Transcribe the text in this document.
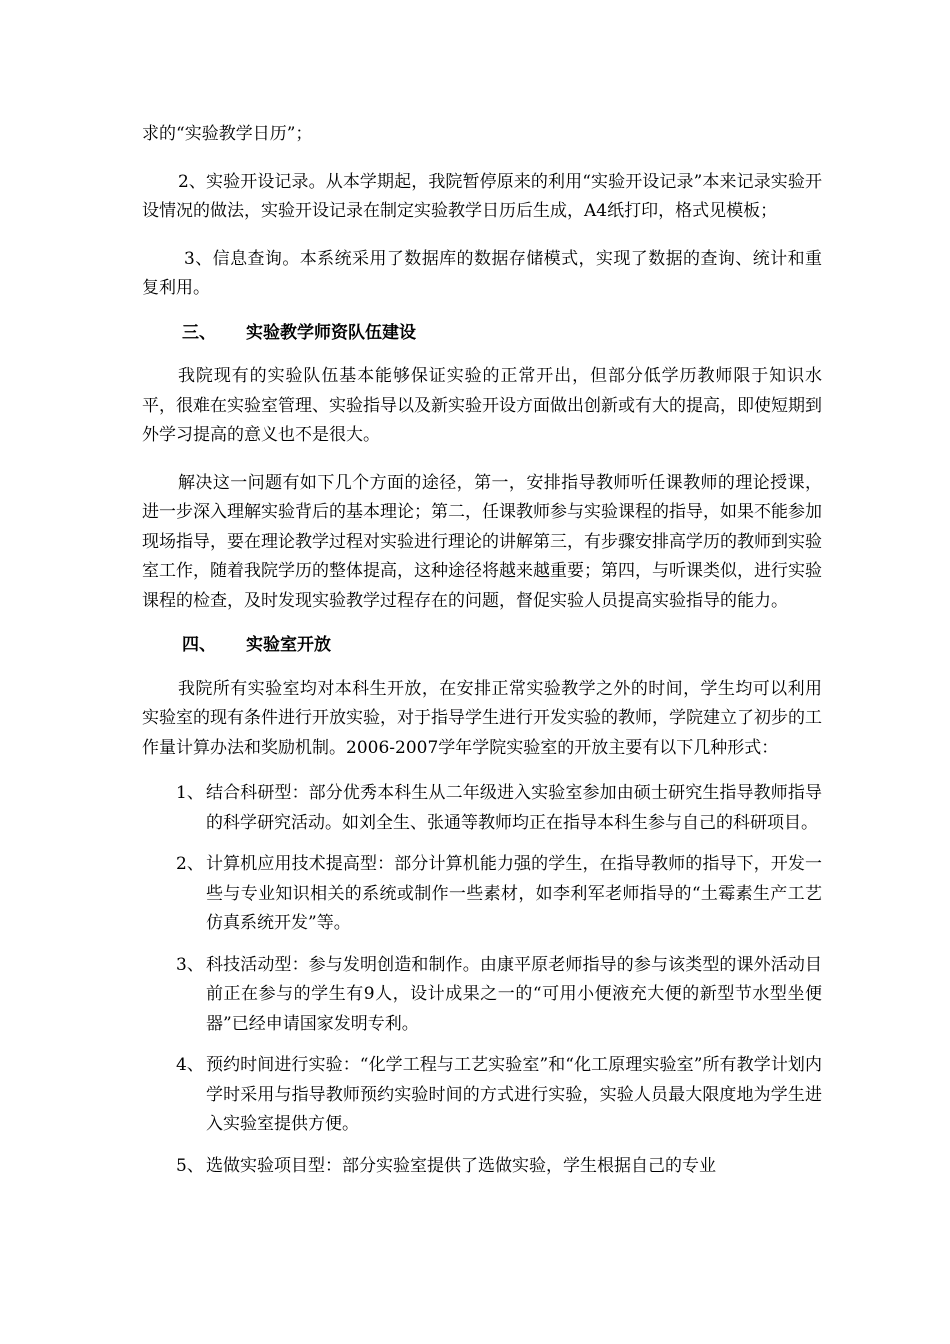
求的“实验教学日历”；

2、实验开设记录。从本学期起，我院暂停原来的利用“实验开设记录”本来记录实验开设情况的做法，实验开设记录在制定实验教学日历后生成，A4纸打印，格式见模板；

3、信息查询。本系统采用了数据库的数据存储模式，实现了数据的查询、统计和重复利用。

三、 实验教学师资队伍建设

我院现有的实验队伍基本能够保证实验的正常开出，但部分低学历教师限于知识水平，很难在实验室管理、实验指导以及新实验开设方面做出创新或有大的提高，即使短期到外学习提高的意义也不是很大。

解决这一问题有如下几个方面的途径，第一，安排指导教师听任课教师的理论授课，进一步深入理解实验背后的基本理论；第二，任课教师参与实验课程的指导，如果不能参加现场指导，要在理论教学过程对实验进行理论的讲解第三，有步骤安排高学历的教师到实验室工作，随着我院学历的整体提高，这种途径将越来越重要；第四，与听课类似，进行实验课程的检查，及时发现实验教学过程存在的问题，督促实验人员提高实验指导的能力。

四、 实验室开放

我院所有实验室均对本科生开放，在安排正常实验教学之外的时间，学生均可以利用实验室的现有条件进行开放实验，对于指导学生进行开发实验的教师，学院建立了初步的工作量计算办法和奖励机制。2006-2007学年学院实验室的开放主要有以下几种形式：

1、 结合科研型：部分优秀本科生从二年级进入实验室参加由硕士研究生指导教师指导的科学研究活动。如刘全生、张通等教师均正在指导本科生参与自己的科研项目。
2、 计算机应用技术提高型：部分计算机能力强的学生，在指导教师的指导下，开发一些与专业知识相关的系统或制作一些素材，如李利军老师指导的“土霉素生产工艺仿真系统开发”等。
3、 科技活动型：参与发明创造和制作。由康平原老师指导的参与该类型的课外活动目前正在参与的学生有9人，设计成果之一的“可用小便液充大便的新型节水型坐便器”已经申请国家发明专利。
4、 预约时间进行实验：“化学工程与工艺实验室”和“化工原理实验室”所有教学计划内学时采用与指导教师预约实验时间的方式进行实验，实验人员最大限度地为学生进入实验室提供方便。
5、 选做实验项目型：部分实验室提供了选做实验，学生根据自己的专业
